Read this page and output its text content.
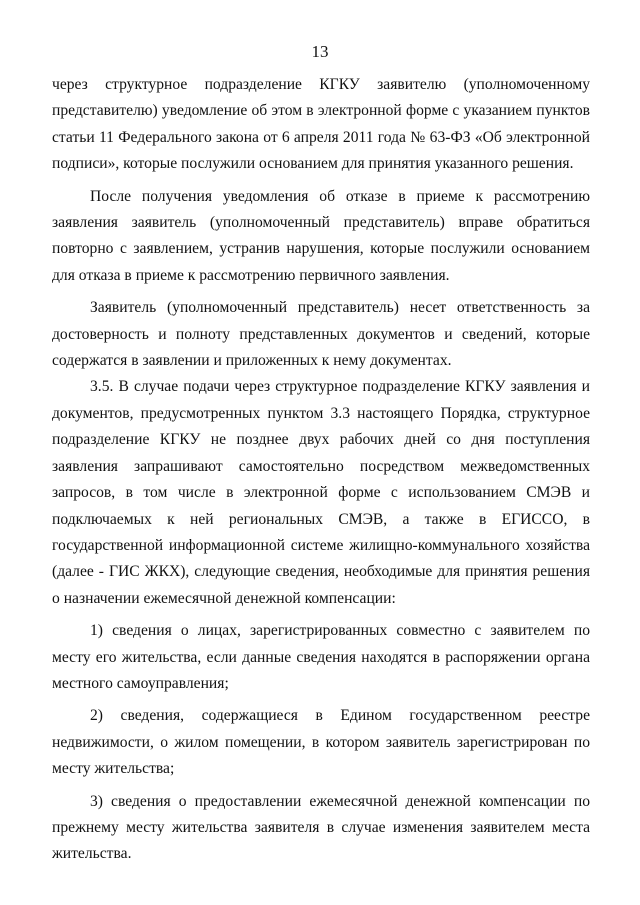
13

через структурное подразделение КГКУ заявителю (уполномоченному представителю) уведомление об этом в электронной форме с указанием пунктов статьи 11 Федерального закона от 6 апреля 2011 года № 63-ФЗ «Об электронной подписи», которые послужили основанием для принятия указанного решения.

После получения уведомления об отказе в приеме к рассмотрению заявления заявитель (уполномоченный представитель) вправе обратиться повторно с заявлением, устранив нарушения, которые послужили основанием для отказа в приеме к рассмотрению первичного заявления.

Заявитель (уполномоченный представитель) несет ответственность за достоверность и полноту представленных документов и сведений, которые содержатся в заявлении и приложенных к нему документах.

3.5. В случае подачи через структурное подразделение КГКУ заявления и документов, предусмотренных пунктом 3.3 настоящего Порядка, структурное подразделение КГКУ не позднее двух рабочих дней со дня поступления заявления запрашивают самостоятельно посредством межведомственных запросов, в том числе в электронной форме с использованием СМЭВ и подключаемых к ней региональных СМЭВ, а также в ЕГИССО, в государственной информационной системе жилищно-коммунального хозяйства (далее - ГИС ЖКХ), следующие сведения, необходимые для принятия решения о назначении ежемесячной денежной компенсации:

1) сведения о лицах, зарегистрированных совместно с заявителем по месту его жительства, если данные сведения находятся в распоряжении органа местного самоуправления;

2) сведения, содержащиеся в Едином государственном реестре недвижимости, о жилом помещении, в котором заявитель зарегистрирован по месту жительства;

3) сведения о предоставлении ежемесячной денежной компенсации по прежнему месту жительства заявителя в случае изменения заявителем места жительства.
